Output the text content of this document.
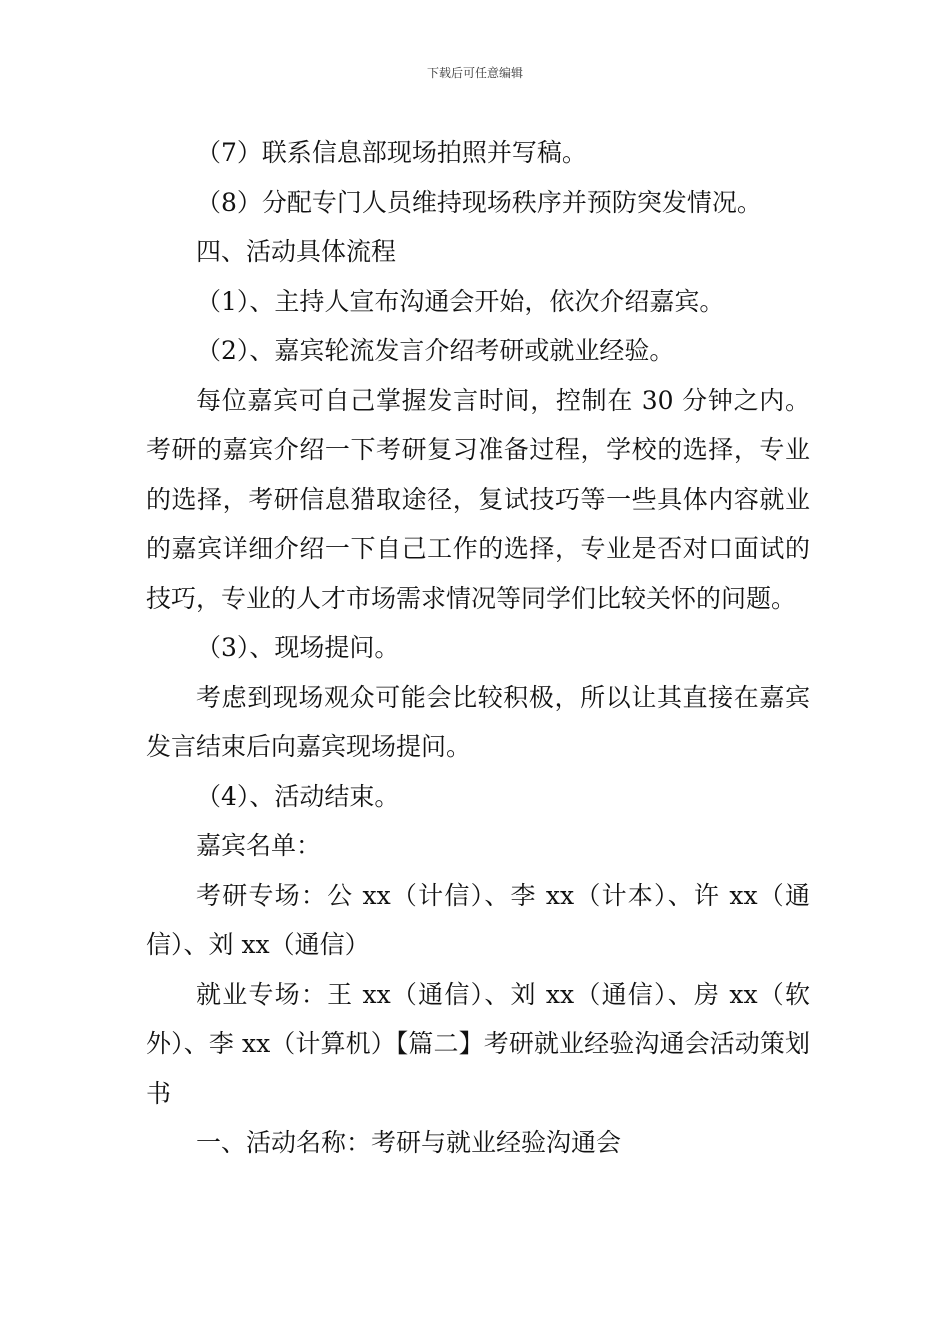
下载后可任意编辑

（7）联系信息部现场拍照并写稿。

（8）分配专门人员维持现场秩序并预防突发情况。

四、活动具体流程

（1）、主持人宣布沟通会开始，依次介绍嘉宾。

（2）、嘉宾轮流发言介绍考研或就业经验。

每位嘉宾可自己掌握发言时间，控制在 30 分钟之内。考研的嘉宾介绍一下考研复习准备过程，学校的选择，专业的选择，考研信息猎取途径，复试技巧等一些具体内容就业的嘉宾详细介绍一下自己工作的选择，专业是否对口面试的技巧，专业的人才市场需求情况等同学们比较关怀的问题。

（3）、现场提问。

考虑到现场观众可能会比较积极，所以让其直接在嘉宾发言结束后向嘉宾现场提问。

（4）、活动结束。

嘉宾名单：

考研专场：公 xx（计信）、李 xx（计本）、许 xx（通信）、刘 xx（通信）

就业专场：王 xx（通信）、刘 xx（通信）、房 xx（软外）、李 xx（计算机）【篇二】考研就业经验沟通会活动策划书

一、活动名称：考研与就业经验沟通会
